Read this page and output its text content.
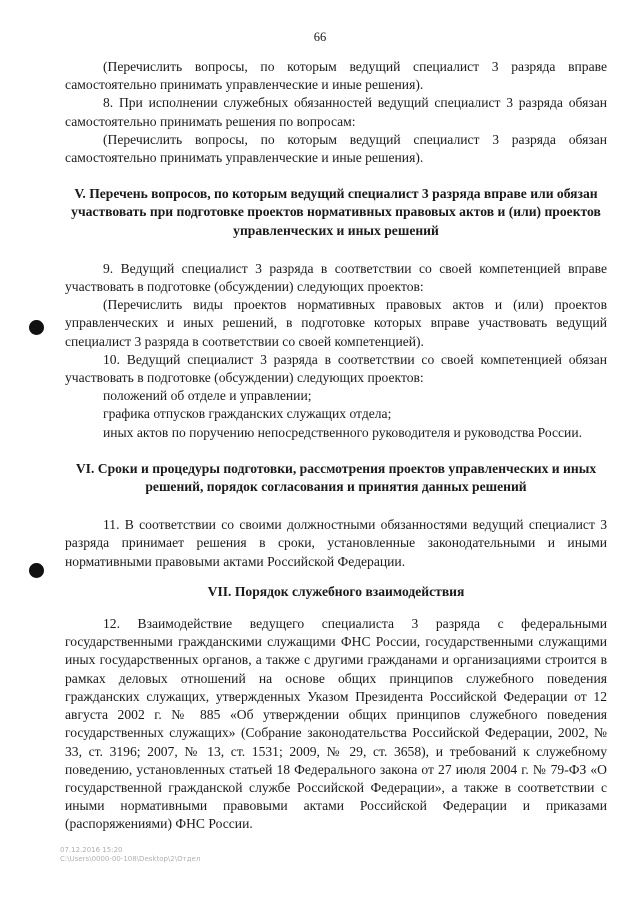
66

(Перечислить вопросы, по которым ведущий специалист 3 разряда вправе самостоятельно принимать управленческие и иные решения).

8. При исполнении служебных обязанностей ведущий специалист 3 разряда обязан самостоятельно принимать решения по вопросам:

(Перечислить вопросы, по которым ведущий специалист 3 разряда обязан самостоятельно принимать управленческие и иные решения).

V. Перечень вопросов, по которым ведущий специалист 3 разряда вправе или обязан участвовать при подготовке проектов нормативных правовых актов и (или) проектов управленческих и иных решений

9. Ведущий специалист 3 разряда в соответствии со своей компетенцией вправе участвовать в подготовке (обсуждении) следующих проектов:

(Перечислить виды проектов нормативных правовых актов и (или) проектов управленческих и иных решений, в подготовке которых вправе участвовать ведущий специалист 3 разряда в соответствии со своей компетенцией).

10. Ведущий специалист 3 разряда в соответствии со своей компетенцией обязан участвовать в подготовке (обсуждении) следующих проектов:

положений об отделе и управлении;

графика отпусков гражданских служащих отдела;

иных актов по поручению непосредственного руководителя и руководства России.

VI. Сроки и процедуры подготовки, рассмотрения проектов управленческих и иных решений, порядок согласования и принятия данных решений

11. В соответствии со своими должностными обязанностями ведущий специалист 3 разряда принимает решения в сроки, установленные законодательными и иными нормативными правовыми актами Российской Федерации.

VII. Порядок служебного взаимодействия

12. Взаимодействие ведущего специалиста 3 разряда с федеральными государственными гражданскими служащими ФНС России, государственными служащими иных государственных органов, а также с другими гражданами и организациями строится в рамках деловых отношений на основе общих принципов служебного поведения гражданских служащих, утвержденных Указом Президента Российской Федерации от 12 августа 2002 г. № 885 «Об утверждении общих принципов служебного поведения государственных служащих» (Собрание законодательства Российской Федерации, 2002, № 33, ст. 3196; 2007, № 13, ст. 1531; 2009, № 29, ст. 3658), и требований к служебному поведению, установленных статьей 18 Федерального закона от 27 июля 2004 г. № 79-ФЗ «О государственной гражданской службе Российской Федерации», а также в соответствии с иными нормативными правовыми актами Российской Федерации и приказами (распоряжениями) ФНС России.

07.12.2016 15:20
С:\Users\0000-00-108\Desktop\2\Отдел
